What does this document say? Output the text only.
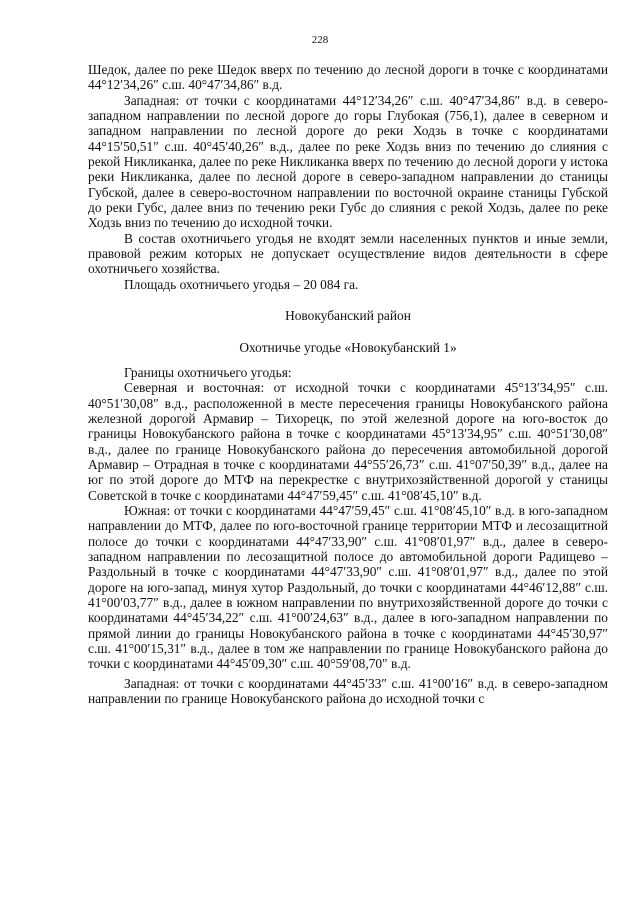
228

Шедок, далее по реке Шедок вверх по течению до лесной дороги в точке с координатами 44°12′34,26″ с.ш. 40°47′34,86″ в.д.

Западная: от точки с координатами 44°12′34,26″ с.ш. 40°47′34,86″ в.д. в северо-западном направлении по лесной дороге до горы Глубокая (756,1), далее в северном и западном направлении по лесной дороге до реки Ходзь в точке с координатами 44°15′50,51″ с.ш. 40°45′40,26″ в.д., далее по реке Ходзь вниз по течению до слияния с рекой Никликанка, далее по реке Никликанка вверх по течению до лесной дороги у истока реки Никликанка, далее по лесной дороге в северо-западном направлении до станицы Губской, далее в северо-восточном направлении по восточной окраине станицы Губской до реки Губс, далее вниз по течению реки Губс до слияния с рекой Ходзь, далее по реке Ходзь вниз по течению до исходной точки.

В состав охотничьего угодья не входят земли населенных пунктов и иные земли, правовой режим которых не допускает осуществление видов деятельности в сфере охотничьего хозяйства.

Площадь охотничьего угодья – 20 084 га.

Новокубанский район

Охотничье угодье «Новокубанский 1»

Границы охотничьего угодья:

Северная и восточная: от исходной точки с координатами 45°13′34,95″ с.ш. 40°51′30,08″ в.д., расположенной в месте пересечения границы Новокубанского района железной дорогой Армавир – Тихорецк, по этой железной дороге на юго-восток до границы Новокубанского района в точке с координатами 45°13′34,95″ с.ш. 40°51′30,08″ в.д., далее по границе Новокубанского района до пересечения автомобильной дорогой Армавир – Отрадная в точке с координатами 44°55′26,73″ с.ш. 41°07′50,39″ в.д., далее на юг по этой дороге до МТФ на перекрестке с внутрихозяйственной дорогой у станицы Советской в точке с координатами 44°47′59,45″ с.ш. 41°08′45,10″ в.д.

Южная: от точки с координатами 44°47′59,45″ с.ш. 41°08′45,10″ в.д. в юго-западном направлении до МТФ, далее по юго-восточной границе территории МТФ и лесозащитной полосе до точки с координатами 44°47′33,90″ с.ш. 41°08′01,97″ в.д., далее в северо-западном направлении по лесозащитной полосе до автомобильной дороги Радищево – Раздольный в точке с координатами 44°47′33,90″ с.ш. 41°08′01,97″ в.д., далее по этой дороге на юго-запад, минуя хутор Раздольный, до точки с координатами 44°46′12,88″ с.ш. 41°00′03,77″ в.д., далее в южном направлении по внутрихозяйственной дороге до точки с координатами 44°45′34,22″ с.ш. 41°00′24,63″ в.д., далее в юго-западном направлении по прямой линии до границы Новокубанского района в точке с координатами 44°45′30,97″ с.ш. 41°00′15,31″ в.д., далее в том же направлении по границе Новокубанского района до точки с координатами 44°45′09,30″ с.ш. 40°59′08,70″ в.д.

Западная: от точки с координатами 44°45′33″ с.ш. 41°00′16″ в.д. в северо-западном направлении по границе Новокубанского района до исходной точки с
